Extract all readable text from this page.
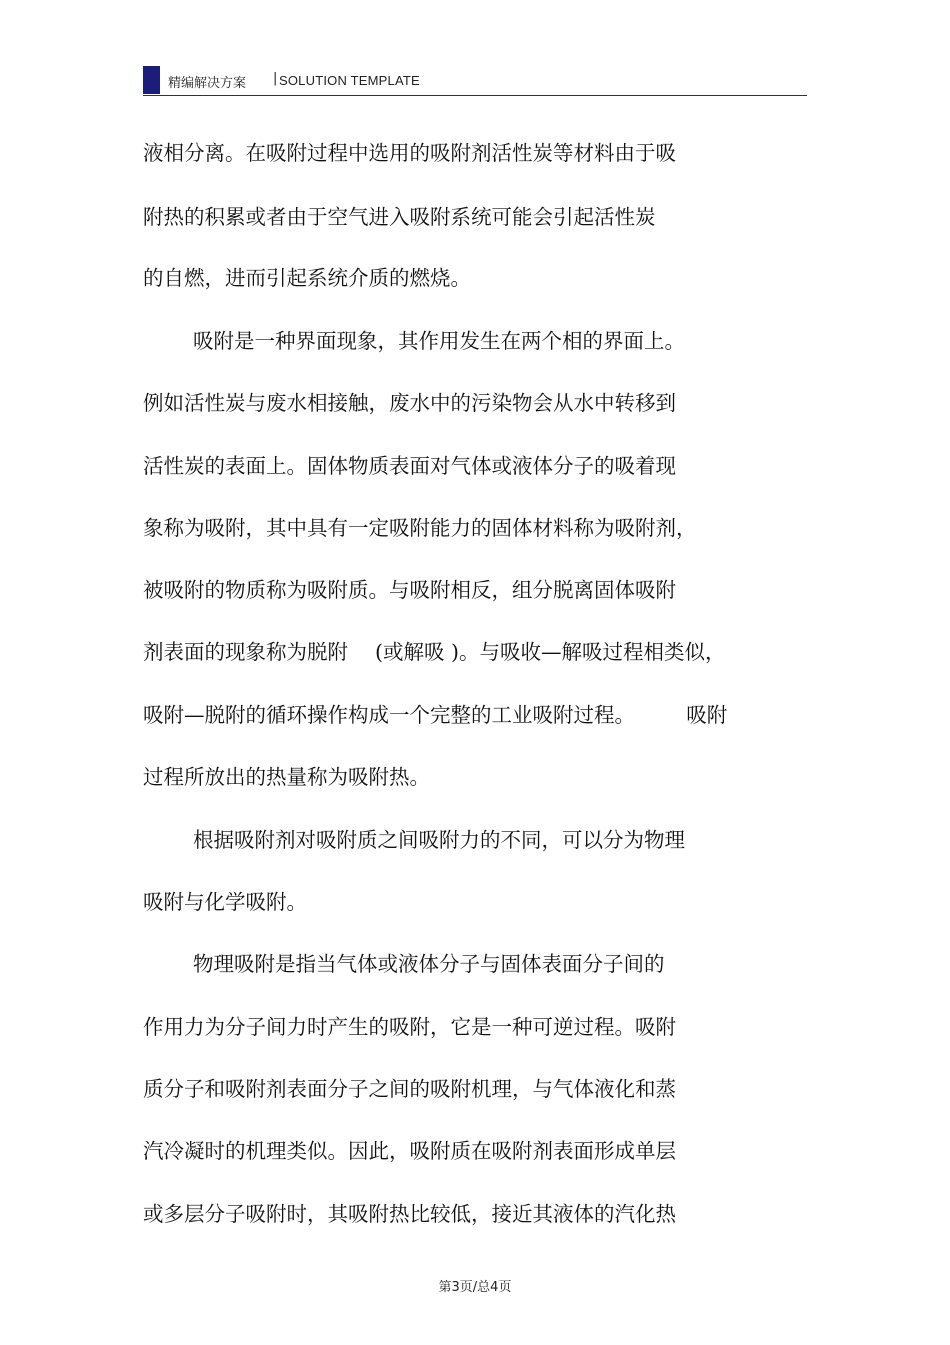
精编解决方案 | SOLUTION TEMPLATE
液相分离。在吸附过程中选用的吸附剂活性炭等材料由于吸
附热的积累或者由于空气进入吸附系统可能会引起活性炭
的自燃，进而引起系统介质的燃烧。
吸附是一种界面现象，其作用发生在两个相的界面上。
例如活性炭与废水相接触，废水中的污染物会从水中转移到
活性炭的表面上。固体物质表面对气体或液体分子的吸着现
象称为吸附，其中具有一定吸附能力的固体材料称为吸附剂，
被吸附的物质称为吸附质。与吸附相反，组分脱离固体吸附
剂表面的现象称为脱附　 (或解吸 )。与吸收—解吸过程相类似，
吸附—脱附的循环操作构成一个完整的工业吸附过程。　　　吸附
过程所放出的热量称为吸附热。
根据吸附剂对吸附质之间吸附力的不同，可以分为物理
吸附与化学吸附。
物理吸附是指当气体或液体分子与固体表面分子间的
作用力为分子间力时产生的吸附，它是一种可逆过程。吸附
质分子和吸附剂表面分子之间的吸附机理，与气体液化和蒸
汽冷凝时的机理类似。因此，吸附质在吸附剂表面形成单层
或多层分子吸附时，其吸附热比较低，接近其液体的汽化热
第3页/总4页
